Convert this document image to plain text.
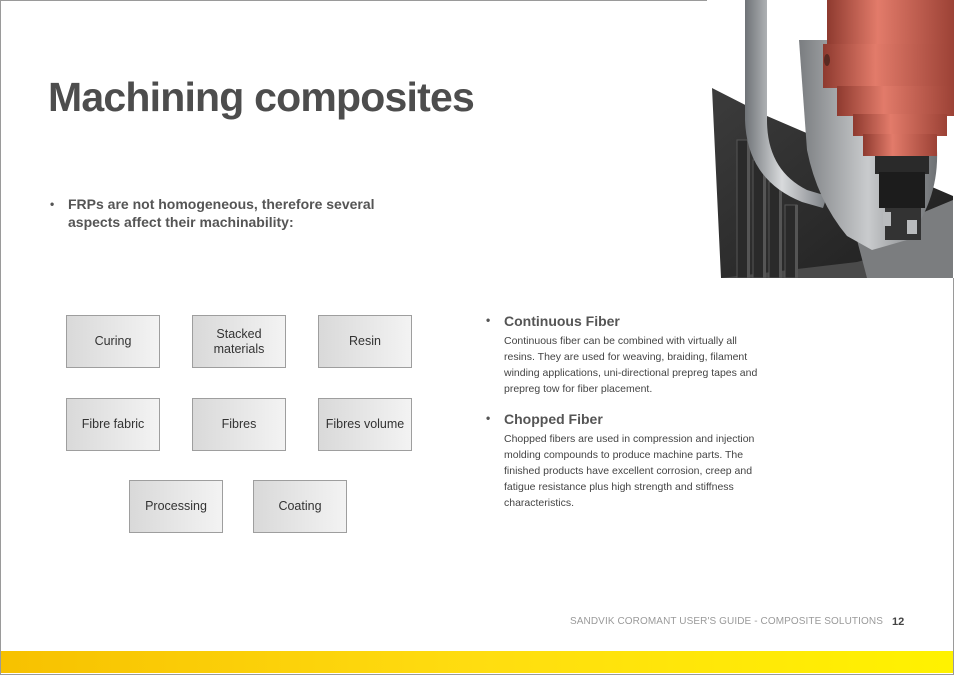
Machining composites
• FRPs are not homogeneous, therefore several aspects affect their machinability:
Curing
Stacked materials
Resin
Fibre fabric	Fibres	Fibres volume
Processing	Coating
• Continuous Fiber
Continuous fiber can be combined with virtually all resins. They are used for weaving, braiding, filament winding applications, uni-directional prepreg tapes and prepreg tow for fiber placement.
• Chopped Fiber
Chopped fibers are used in compression and injection molding compounds to produce machine parts. The finished products have excellent corrosion, creep and fatigue resistance plus high strength and stiffness characteristics.
SANDVIK COROMANT USER'S GUIDE - COMPOSITE SOLUTIONS 12
